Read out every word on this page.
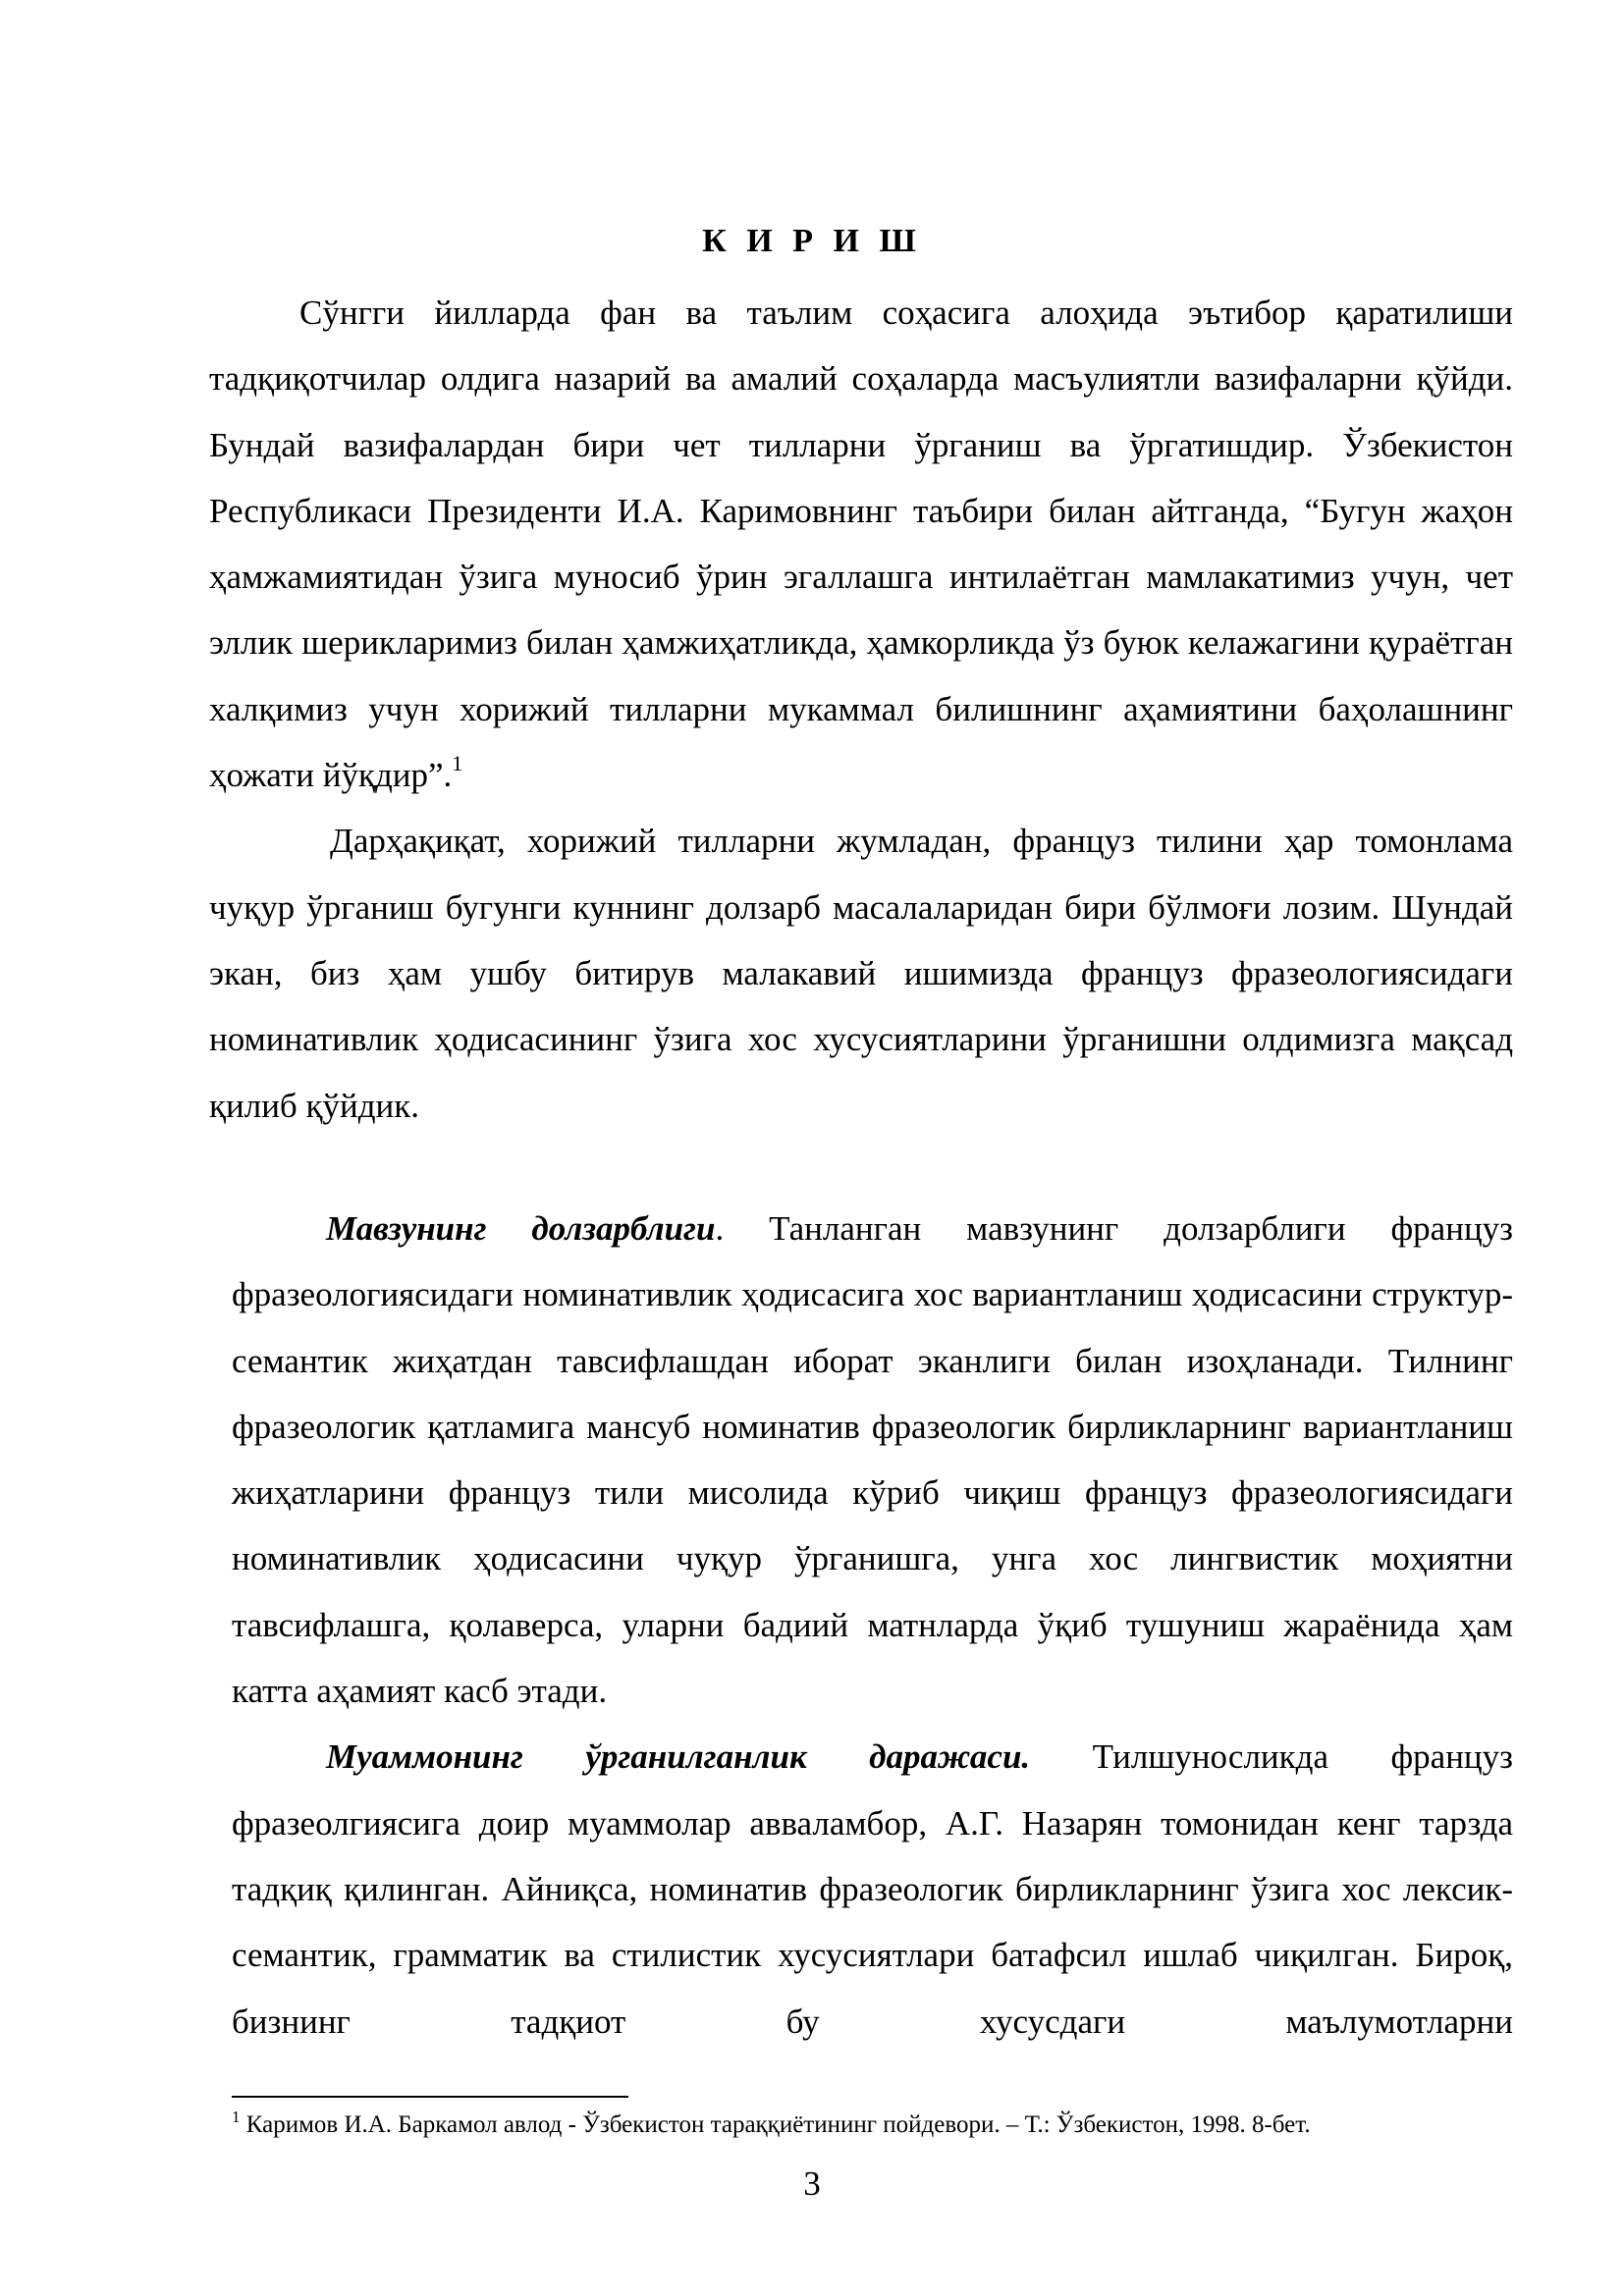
К И Р И Ш

Сўнгги йилларда фан ва таълим соҳасига алоҳида эътибор қаратилиши тадқиқотчилар олдига назарий ва амалий соҳаларда масъулиятли вазифаларни қўйди. Бундай вазифалардан бири чет тилларни ўрганиш ва ўргатишдир. Ўзбекистон Республикаси Президенти И.А. Каримовнинг таъбири билан айтганда, “Бугун жаҳон ҳамжамиятидан ўзига муносиб ўрин эгаллашга интилаётган мамлакатимиз учун, чет эллик шерикларимиз билан ҳамжиҳатликда, ҳамкорликда ўз буюк келажагини қураётган халқимиз учун хорижий тилларни мукаммал билишнинг аҳамиятини баҳолашнинг ҳожати йўқдир”.$^1$

Дарҳақиқат, хорижий тилларни жумладан, француз тилини ҳар томонлама чуқур ўрганиш бугунги куннинг долзарб масалаларидан бири бўлмоғи лозим. Шундай экан, биз ҳам ушбу битирув малакавий ишимизда француз фразеологиясидаги номинативлик ҳодисасининг ўзига хос хусусиятларини ўрганишни олдимизга мақсад қилиб қўйдик.

Мавзунинг долзарблиги. Танланган мавзунинг долзарблиги француз фразеологиясидаги номинативлик ҳодисасига хос вариантланиш ҳодисасини структур-семантик жиҳатдан тавсифлашдан иборат эканлиги билан изоҳланади. Тилнинг фразеологик қатламига мансуб номинатив фразеологик бирликларнинг вариантланиш жиҳатларини француз тили мисолида кўриб чиқиш француз фразеологиясидаги номинативлик ҳодисасини чуқур ўрганишга, унга хос лингвистик моҳиятни тавсифлашга, қолаверса, уларни бадиий матнларда ўқиб тушуниш жараёнида ҳам катта аҳамият касб этади.

Муаммонинг ўрганилганлик даражаси. Тилшуносликда француз фразеолгиясига доир муаммолар авваламбор, А.Г. Назарян томонидан кенг тарзда тадқиқ қилинган. Айниқса, номинатив фразеологик бирликларнинг ўзига хос лексик-семантик, грамматик ва стилистик хусусиятлари батафсил ишлаб чиқилган. Бироқ, бизнинг тадқиот бу хусусдаги маълумотларни

$^1$ Каримов И.А. Баркамол авлод - Ўзбекистон тараққиётининг пойдевори. – Т.: Ўзбекистон, 1998. 8-бет.
3
